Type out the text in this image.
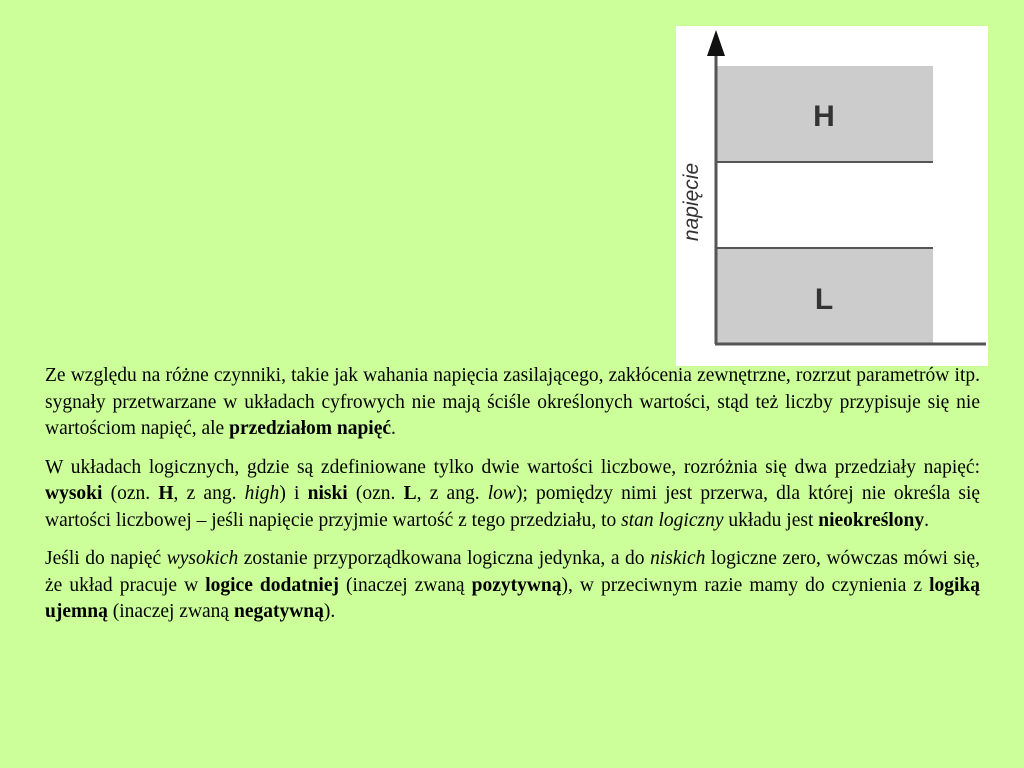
H
L
napięcie

Ze względu na różne czynniki, takie jak wahania napięcia zasilającego, zakłócenia zewnętrzne, rozrzut parametrów itp. sygnały przetwarzane w układach cyfrowych nie mają ściśle określonych wartości, stąd też liczby przypisuje się nie wartościom napięć, ale przedziałom napięć.

W układach logicznych, gdzie są zdefiniowane tylko dwie wartości liczbowe, rozróżnia się dwa przedziały napięć: wysoki (ozn. H, z ang. high) i niski (ozn. L, z ang. low); pomiędzy nimi jest przerwa, dla której nie określa się wartości liczbowej – jeśli napięcie przyjmie wartość z tego przedziału, to stan logiczny układu jest nieokreślony.

Jeśli do napięć wysokich zostanie przyporządkowana logiczna jedynka, a do niskich logiczne zero, wówczas mówi się, że układ pracuje w logice dodatniej (inaczej zwaną pozytywną), w przeciwnym razie mamy do czynienia z logiką ujemną (inaczej zwaną negatywną).
